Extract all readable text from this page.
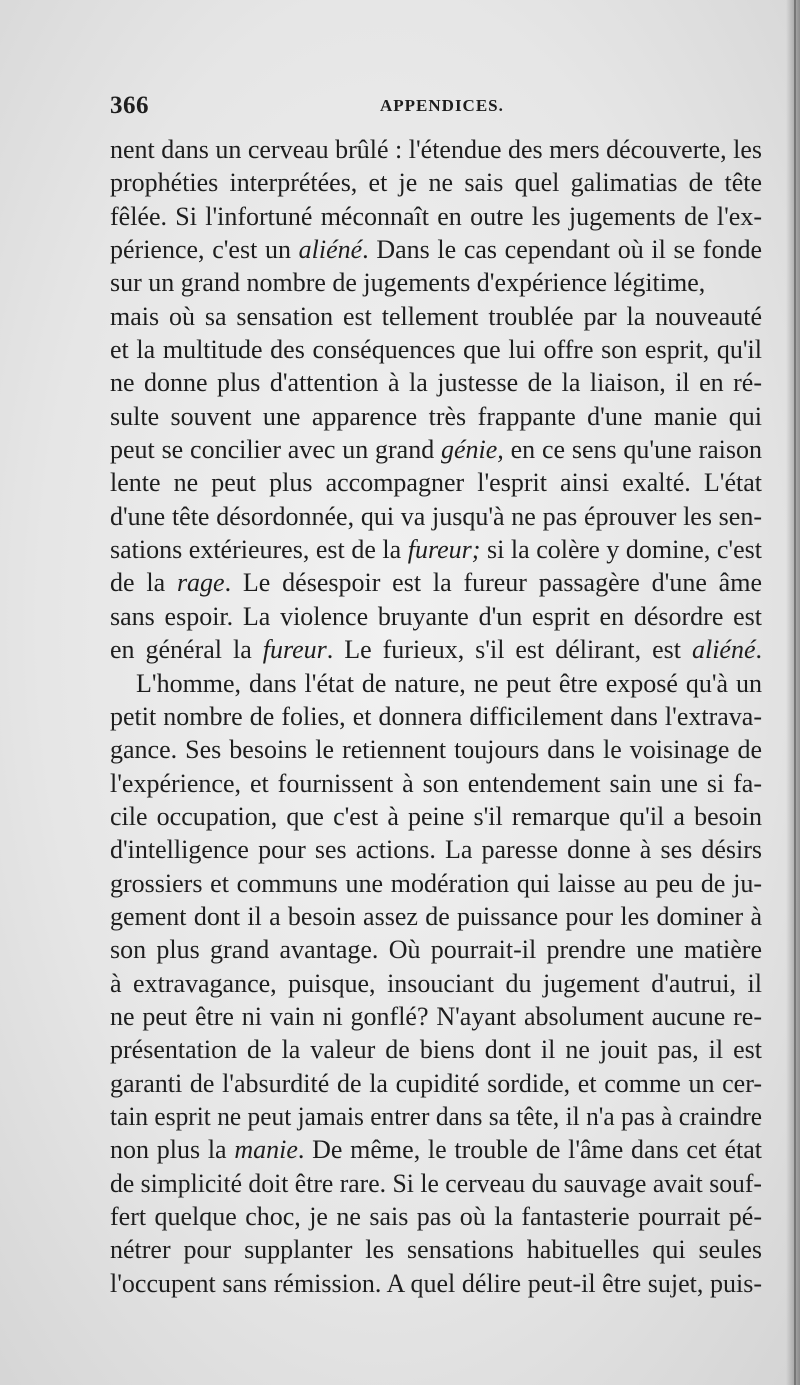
366	APPENDICES.
nent dans un cerveau brûlé : l'étendue des mers découverte, les
prophéties interprétées, et je ne sais quel galimatias de tête
fêlée. Si l'infortuné méconnaît en outre les jugements de l'ex-
périence, c'est un aliéné. Dans le cas cependant où il se fonde
sur un grand nombre de jugements d'expérience légitime,
mais où sa sensation est tellement troublée par la nouveauté
et la multitude des conséquences que lui offre son esprit, qu'il
ne donne plus d'attention à la justesse de la liaison, il en ré-
sulte souvent une apparence très frappante d'une manie qui
peut se concilier avec un grand génie, en ce sens qu'une raison
lente ne peut plus accompagner l'esprit ainsi exalté. L'état
d'une tête désordonnée, qui va jusqu'à ne pas éprouver les sen-
sations extérieures, est de la fureur; si la colère y domine, c'est
de la rage. Le désespoir est la fureur passagère d'une âme
sans espoir. La violence bruyante d'un esprit en désordre est
en général la fureur. Le furieux, s'il est délirant, est aliéné.
L'homme, dans l'état de nature, ne peut être exposé qu'à un
petit nombre de folies, et donnera difficilement dans l'extrava-
gance. Ses besoins le retiennent toujours dans le voisinage de
l'expérience, et fournissent à son entendement sain une si fa-
cile occupation, que c'est à peine s'il remarque qu'il a besoin
d'intelligence pour ses actions. La paresse donne à ses désirs
grossiers et communs une modération qui laisse au peu de ju-
gement dont il a besoin assez de puissance pour les dominer à
son plus grand avantage. Où pourrait-il prendre une matière
à extravagance, puisque, insouciant du jugement d'autrui, il
ne peut être ni vain ni gonflé? N'ayant absolument aucune re-
présentation de la valeur de biens dont il ne jouit pas, il est
garanti de l'absurdité de la cupidité sordide, et comme un cer-
tain esprit ne peut jamais entrer dans sa tête, il n'a pas à craindre
non plus la manie. De même, le trouble de l'âme dans cet état
de simplicité doit être rare. Si le cerveau du sauvage avait souf-
fert quelque choc, je ne sais pas où la fantasterie pourrait pé-
nétrer pour supplanter les sensations habituelles qui seules
l'occupent sans rémission. A quel délire peut-il être sujet, puis-
